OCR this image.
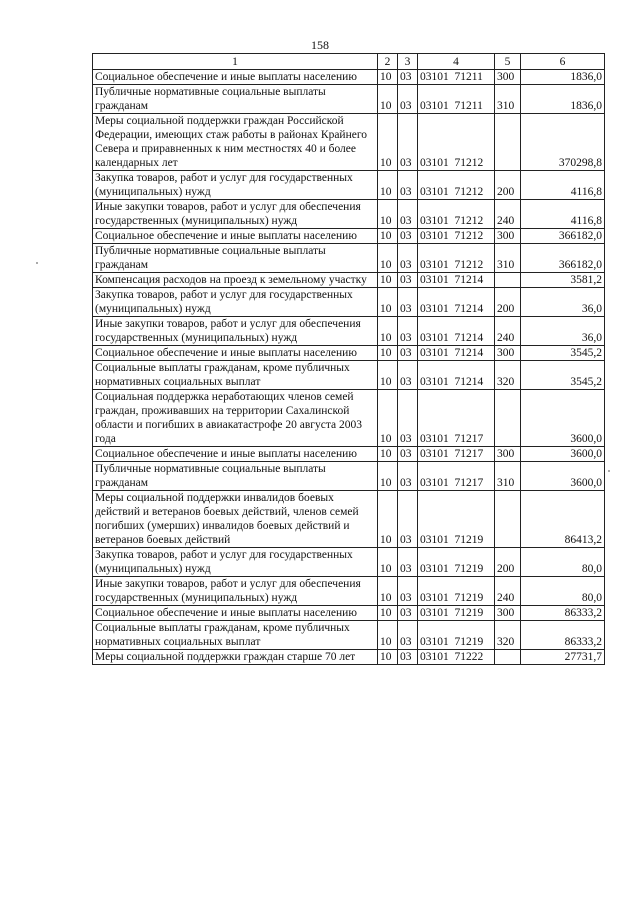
158
1	2	3	4	5	6
Социальное обеспечение и иные выплаты населению	10	03	03101  71211	300	1836,0
Публичные нормативные социальные выплаты гражданам	10	03	03101  71211	310	1836,0
Меры социальной поддержки граждан Российской Федерации, имеющих стаж работы в районах Крайнего Севера и приравненных к ним местностях 40 и более календарных лет	10	03	03101  71212		370298,8
Закупка товаров, работ и услуг для государственных (муниципальных) нужд	10	03	03101  71212	200	4116,8
Иные закупки товаров, работ и услуг для обеспечения государственных (муниципальных) нужд	10	03	03101  71212	240	4116,8
Социальное обеспечение и иные выплаты населению	10	03	03101  71212	300	366182,0
Публичные нормативные социальные выплаты гражданам	10	03	03101  71212	310	366182,0
Компенсация расходов на проезд к земельному участку	10	03	03101  71214		3581,2
Закупка товаров, работ и услуг для государственных (муниципальных) нужд	10	03	03101  71214	200	36,0
Иные закупки товаров, работ и услуг для обеспечения государственных (муниципальных) нужд	10	03	03101  71214	240	36,0
Социальное обеспечение и иные выплаты населению	10	03	03101  71214	300	3545,2
Социальные выплаты гражданам, кроме публичных нормативных социальных выплат	10	03	03101  71214	320	3545,2
Социальная поддержка неработающих членов семей граждан, проживавших на территории Сахалинской области и погибших в авиакатастрофе 20 августа 2003 года	10	03	03101  71217		3600,0
Социальное обеспечение и иные выплаты населению	10	03	03101  71217	300	3600,0
Публичные нормативные социальные выплаты гражданам	10	03	03101  71217	310	3600,0
Меры социальной поддержки инвалидов боевых действий и ветеранов боевых действий, членов семей погибших (умерших) инвалидов боевых действий и ветеранов боевых действий	10	03	03101  71219		86413,2
Закупка товаров, работ и услуг для государственных (муниципальных) нужд	10	03	03101  71219	200	80,0
Иные закупки товаров, работ и услуг для обеспечения государственных (муниципальных) нужд	10	03	03101  71219	240	80,0
Социальное обеспечение и иные выплаты населению	10	03	03101  71219	300	86333,2
Социальные выплаты гражданам, кроме публичных нормативных социальных выплат	10	03	03101  71219	320	86333,2
Меры социальной поддержки граждан старше 70 лет	10	03	03101  71222		27731,7
